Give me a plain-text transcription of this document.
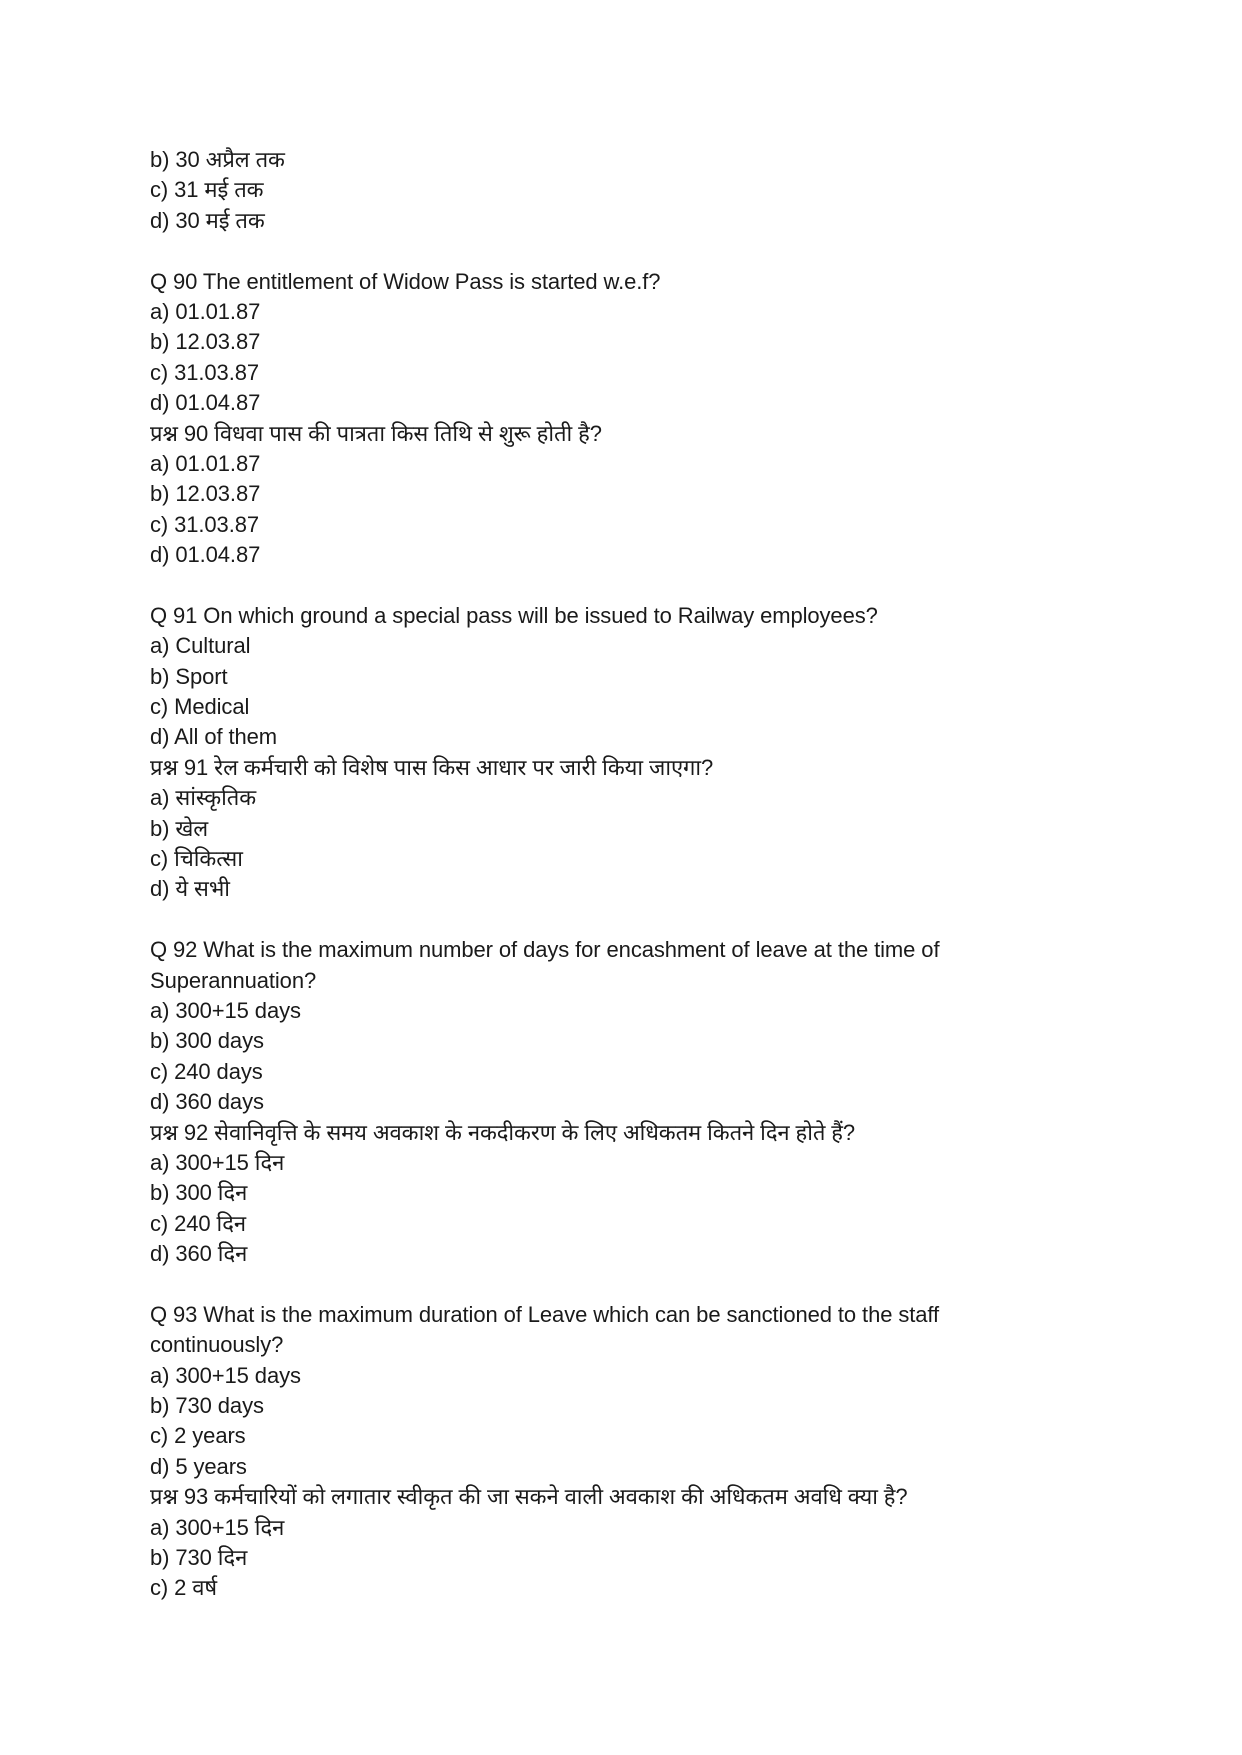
b) 30 अप्रैल तक
c) 31 मई तक
d) 30 मई तक
Q 90 The entitlement of Widow Pass is started w.e.f?
a) 01.01.87
b) 12.03.87
c) 31.03.87
d) 01.04.87
प्रश्न 90 विधवा पास की पात्रता किस तिथि से शुरू होती है?
a) 01.01.87
b) 12.03.87
c) 31.03.87
d) 01.04.87
Q 91 On which ground a special pass will be issued to Railway employees?
a) Cultural
b) Sport
c) Medical
d) All of them
प्रश्न 91 रेल कर्मचारी को विशेष पास किस आधार पर जारी किया जाएगा?
a) सांस्कृतिक
b) खेल
c) चिकित्सा
d) ये सभी
Q 92 What is the maximum number of days for encashment of leave at the time of
Superannuation?
a) 300+15 days
b) 300 days
c) 240 days
d) 360 days
प्रश्न 92 सेवानिवृत्ति के समय अवकाश के नकदीकरण के लिए अधिकतम कितने दिन होते हैं?
a) 300+15 दिन
b) 300 दिन
c) 240 दिन
d) 360 दिन
Q 93 What is the maximum duration of Leave which can be sanctioned to the staff
continuously?
a) 300+15 days
b) 730 days
c) 2 years
d) 5 years
प्रश्न 93 कर्मचारियों को लगातार स्वीकृत की जा सकने वाली अवकाश की अधिकतम अवधि क्या है?
a) 300+15 दिन
b) 730 दिन
c) 2 वर्ष
